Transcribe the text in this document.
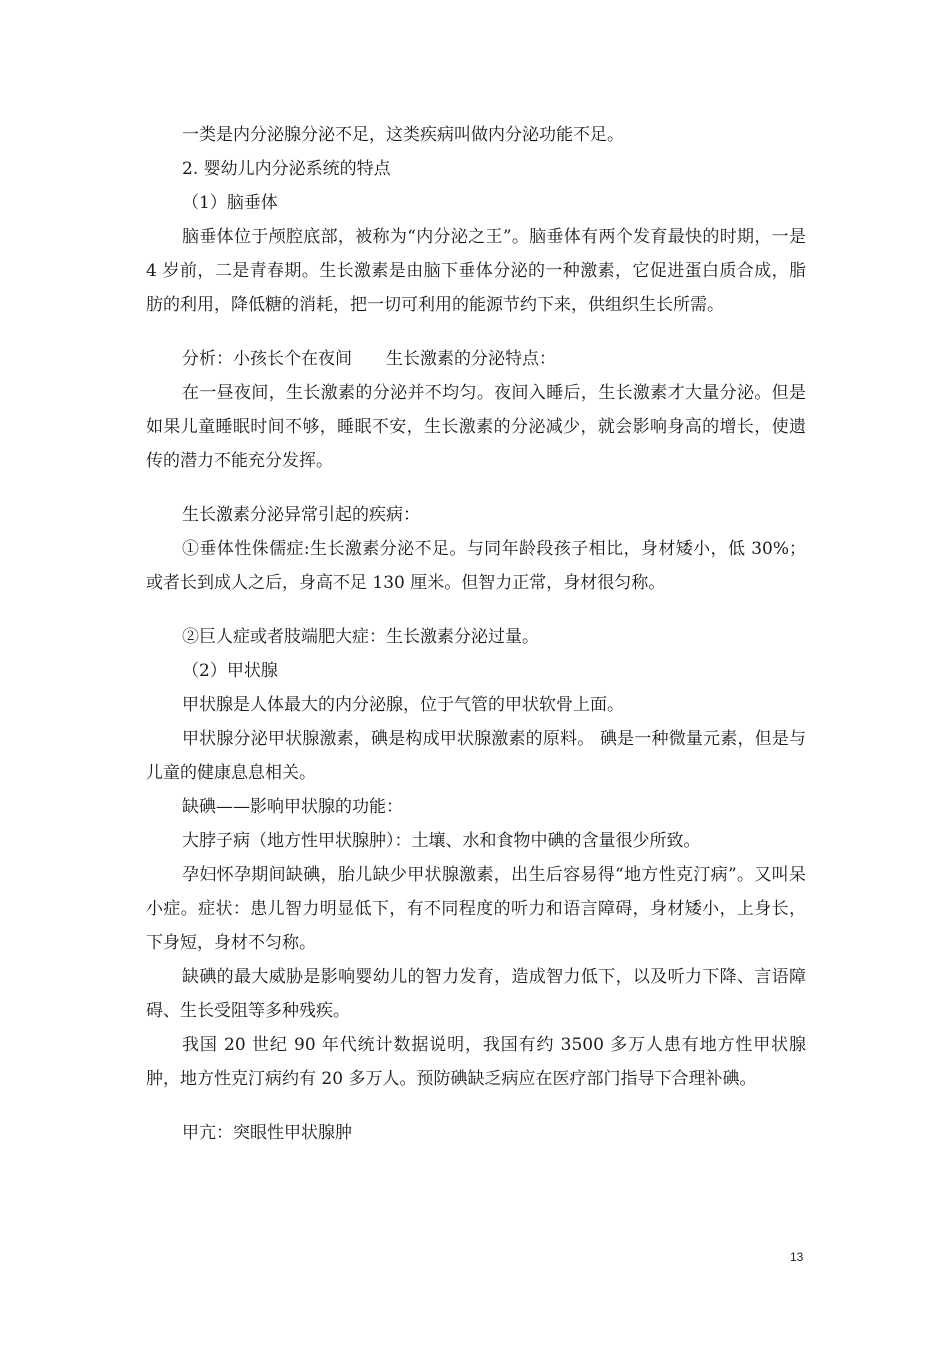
一类是内分泌腺分泌不足，这类疾病叫做内分泌功能不足。

2. 婴幼儿内分泌系统的特点

（1）脑垂体

脑垂体位于颅腔底部，被称为“内分泌之王”。脑垂体有两个发育最快的时期，一是 4 岁前，二是青春期。生长激素是由脑下垂体分泌的一种激素，它促进蛋白质合成，脂肪的利用，降低糖的消耗，把一切可利用的能源节约下来，供组织生长所需。

分析：小孩长个在夜间　　生长激素的分泌特点：

在一昼夜间，生长激素的分泌并不均匀。夜间入睡后，生长激素才大量分泌。但是如果儿童睡眠时间不够，睡眠不安，生长激素的分泌减少，就会影响身高的增长，使遗传的潜力不能充分发挥。

生长激素分泌异常引起的疾病：

①垂体性侏儒症:生长激素分泌不足。与同年龄段孩子相比，身材矮小，低 30%；或者长到成人之后，身高不足 130 厘米。但智力正常，身材很匀称。

②巨人症或者肢端肥大症：生长激素分泌过量。

（2）甲状腺

甲状腺是人体最大的内分泌腺，位于气管的甲状软骨上面。

甲状腺分泌甲状腺激素，碘是构成甲状腺激素的原料。 碘是一种微量元素，但是与儿童的健康息息相关。

缺碘——影响甲状腺的功能：

大脖子病（地方性甲状腺肿）：土壤、水和食物中碘的含量很少所致。

孕妇怀孕期间缺碘，胎儿缺少甲状腺激素，出生后容易得“地方性克汀病”。又叫呆小症。症状：患儿智力明显低下，有不同程度的听力和语言障碍，身材矮小，上身长，下身短，身材不匀称。

缺碘的最大威胁是影响婴幼儿的智力发育，造成智力低下，以及听力下降、言语障碍、生长受阻等多种残疾。

我国 20 世纪 90 年代统计数据说明，我国有约 3500 多万人患有地方性甲状腺肿，地方性克汀病约有 20 多万人。预防碘缺乏病应在医疗部门指导下合理补碘。

甲亢：突眼性甲状腺肿

13
